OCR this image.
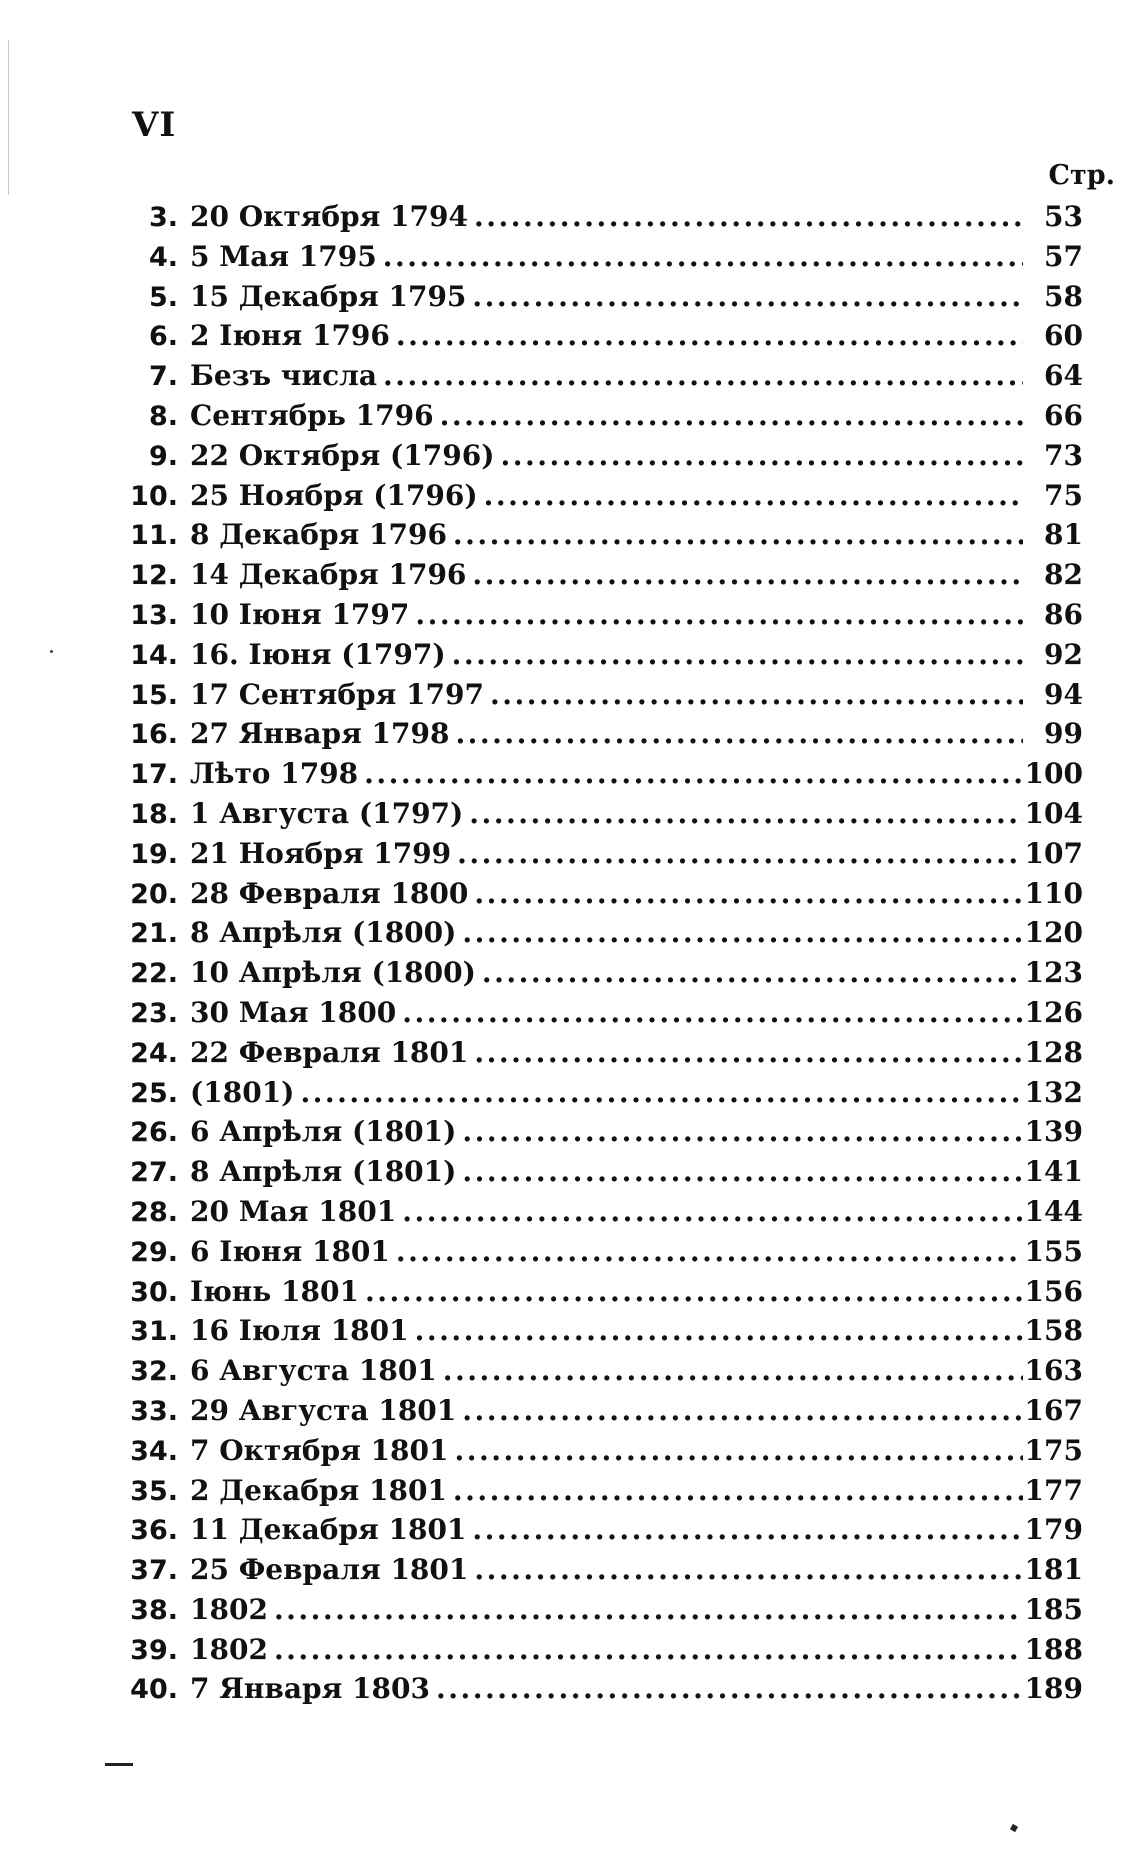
VI
Стр.
3. 20 Октября 1794 .....	53
4. 5 Мая 1795 .....	57
5. 15 Декабря 1795 .....	58
6. 2 Іюня 1796 .....	60
7. Безъ числа .....	64
8. Сентябрь 1796 .....	66
9. 22 Октября (1796) .....	73
10. 25 Ноября (1796) .....	75
11. 8 Декабря 1796 .....	81
12. 14 Декабря 1796 .....	82
13. 10 Іюня 1797 .....	86
14. 16. Іюня (1797) .....	92
15. 17 Сентября 1797 .....	94
16. 27 Января 1798 .....	99
17. Лѣто 1798 .....	100
18. 1 Августа (1797) .....	104
19. 21 Ноября 1799 .....	107
20. 28 Февраля 1800 .....	110
21. 8 Апрѣля (1800) .....	120
22. 10 Апрѣля (1800) .....	123
23. 30 Мая 1800 .....	126
24. 22 Февраля 1801 .....	128
25. (1801) .....	132
26. 6 Апрѣля (1801) .....	139
27. 8 Апрѣля (1801) .....	141
28. 20 Мая 1801 .....	144
29. 6 Іюня 1801 .....	155
30. Іюнь 1801 .....	156
31. 16 Іюля 1801 .....	158
32. 6 Августа 1801 .....	163
33. 29 Августа 1801 .....	167
34. 7 Октября 1801 .....	175
35. 2 Декабря 1801 .....	177
36. 11 Декабря 1801 .....	179
37. 25 Февраля 1801 .....	181
38. 1802 .....	185
39. 1802 .....	188
40. 7 Января 1803 .....	189
